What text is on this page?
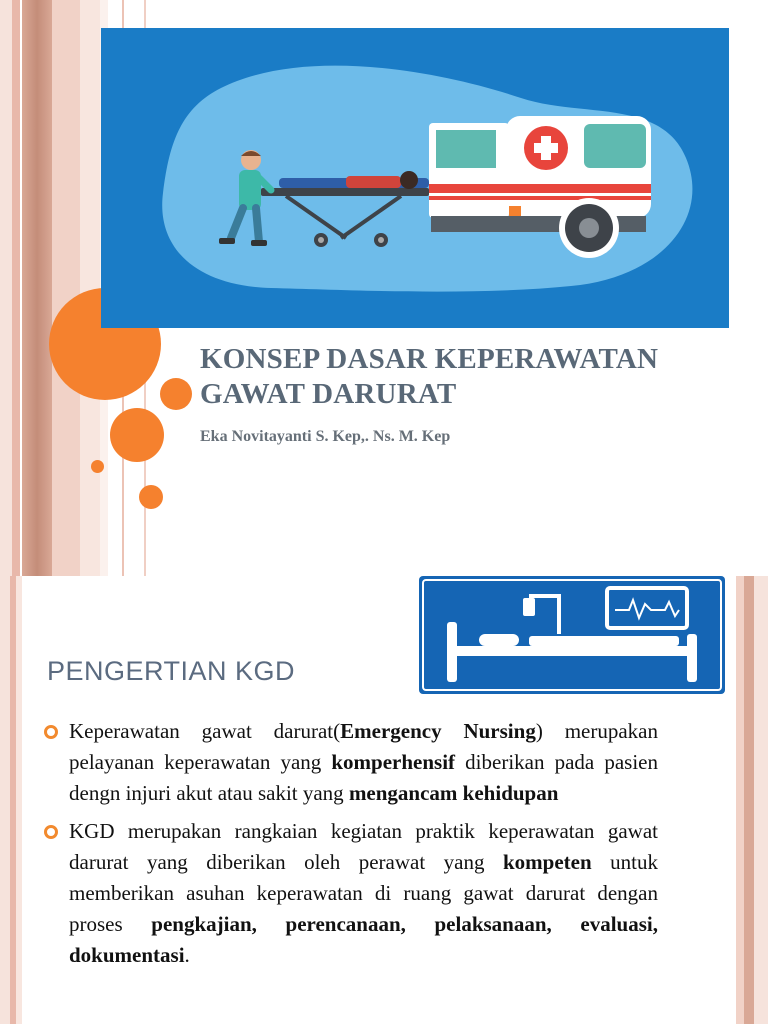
KONSEP DASAR KEPERAWATAN
GAWAT DARURAT
Eka Novitayanti S. Kep,. Ns. M. Kep
PENGERTIAN KGD
Keperawatan gawat darurat(Emergency Nursing) merupakan pelayanan keperawatan yang komperhensif diberikan pada pasien dengn injuri akut atau sakit yang mengancam kehidupan
KGD merupakan rangkaian kegiatan praktik keperawatan gawat darurat yang diberikan oleh perawat yang kompeten untuk memberikan asuhan keperawatan di ruang gawat darurat dengan proses pengkajian, perencanaan, pelaksanaan, evaluasi, dokumentasi.
